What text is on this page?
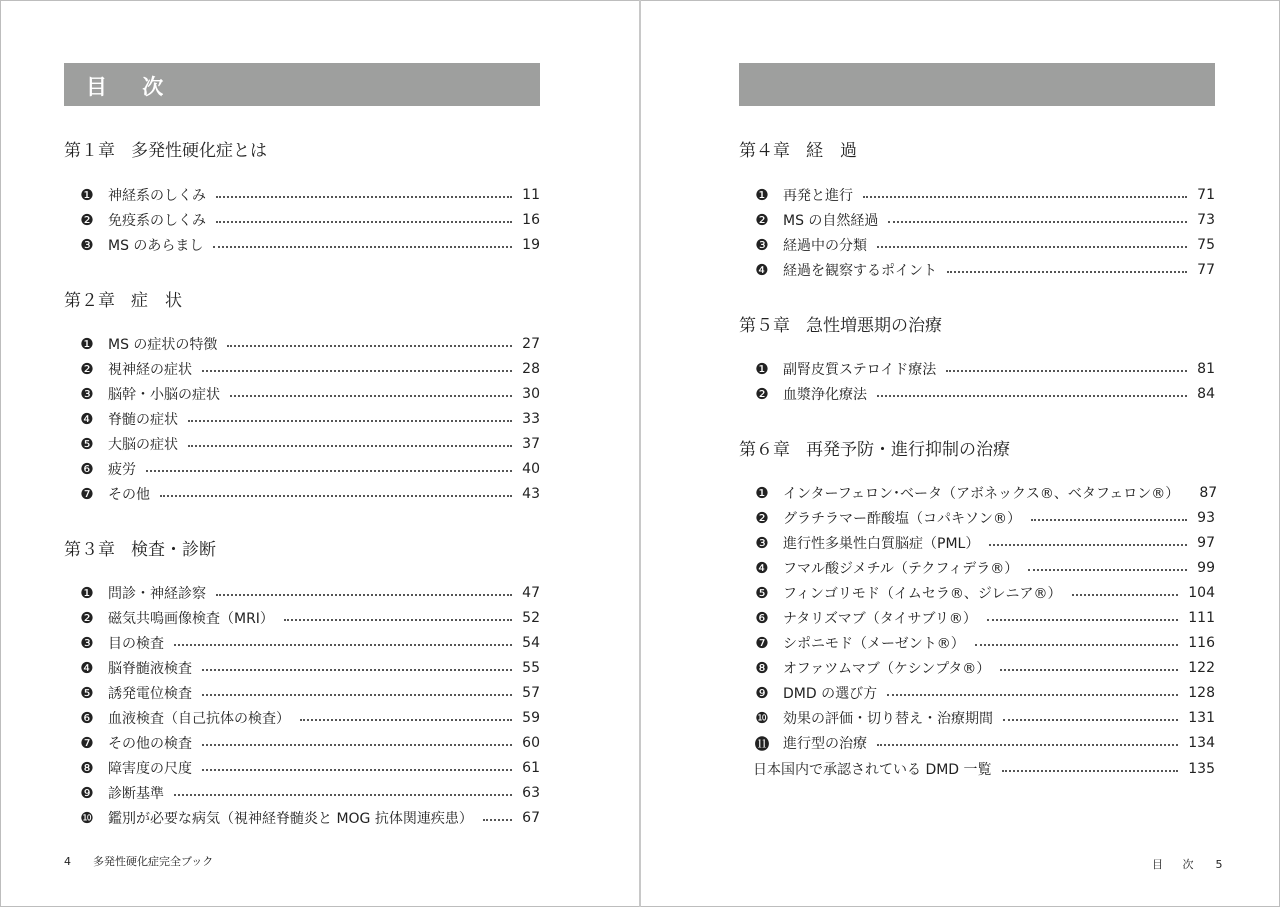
目 次
第１章 多発性硬化症とは
❶	神経系のしくみ	11
❷	免疫系のしくみ	16
❸	MS のあらまし	19
第２章 症　状
❶	MS の症状の特徴	27
❷	視神経の症状	28
❸	脳幹・小脳の症状	30
❹	脊髄の症状	33
❺	大脳の症状	37
❻	疲労	40
❼	その他	43
第３章 検査・診断
❶	問診・神経診察	47
❷	磁気共鳴画像検査（MRI）	52
❸	目の検査	54
❹	脳脊髄液検査	55
❺	誘発電位検査	57
❻	血液検査（自己抗体の検査）	59
❼	その他の検査	60
❽	障害度の尺度	61
❾	診断基準	63
❿	鑑別が必要な病気（視神経脊髄炎と MOG 抗体関連疾患）	67
4 多発性硬化症完全ブック
第４章 経　過
❶	再発と進行	71
❷	MS の自然経過	73
❸	経過中の分類	75
❹	経過を観察するポイント	77
第５章 急性増悪期の治療
❶	副腎皮質ステロイド療法	81
❷	血漿浄化療法	84
第６章 再発予防・進行抑制の治療
❶	インターフェロン･ベータ（アボネックス®、ベタフェロン®） 87
❷	グラチラマー酢酸塩（コパキソン®）	93
❸	進行性多巣性白質脳症（PML）	97
❹	フマル酸ジメチル（テクフィデラ®）	99
❺	フィンゴリモド（イムセラ®、ジレニア®）	104
❻	ナタリズマブ（タイサブリ®）	111
❼	シポニモド（メーゼント®）	116
❽	オファツムマブ（ケシンプタ®）	122
❾	DMD の選び方	128
❿	効果の評価・切り替え・治療期間	131
⓫ 進行型の治療	134
日本国内で承認されている DMD 一覧	135
目 次 5
